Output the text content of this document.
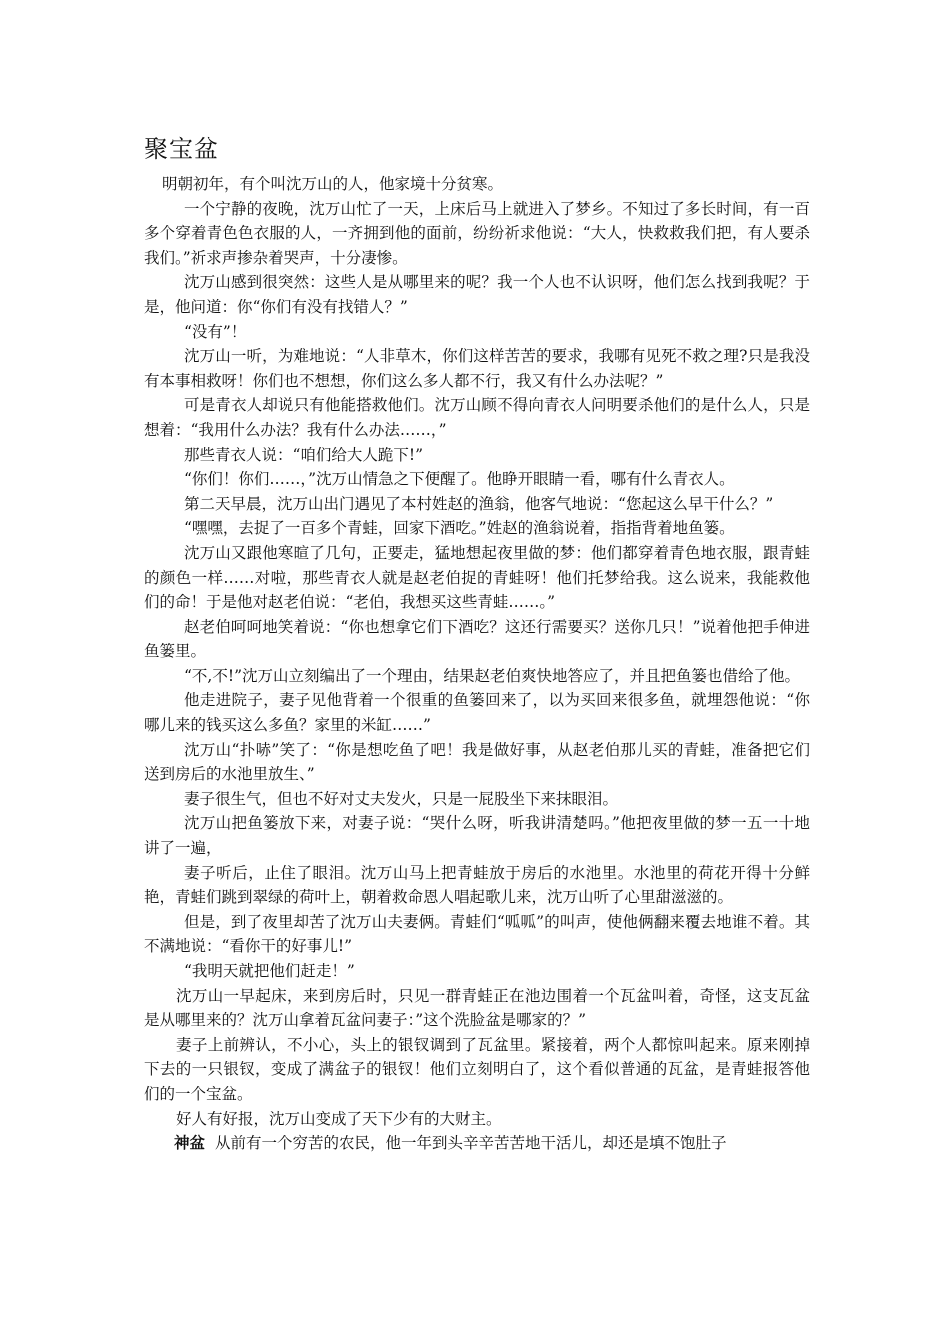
聚宝盆

明朝初年，有个叫沈万山的人，他家境十分贫寒。

一个宁静的夜晚，沈万山忙了一天，上床后马上就进入了梦乡。不知过了多长时间，有一百多个穿着青色色衣服的人，一齐拥到他的面前，纷纷祈求他说：“大人，快救救我们把，有人要杀我们。”祈求声掺杂着哭声，十分凄惨。

沈万山感到很突然：这些人是从哪里来的呢？我一个人也不认识呀，他们怎么找到我呢？于是，他问道：你“你们有没有找错人？”

“没有”！

沈万山一听，为难地说：“人非草木，你们这样苦苦的要求，我哪有见死不救之理?只是我没有本事相救呀！你们也不想想，你们这么多人都不行，我又有什么办法呢？”

可是青衣人却说只有他能搭救他们。沈万山顾不得向青衣人问明要杀他们的是什么人，只是想着：“我用什么办法？我有什么办法……，”

那些青衣人说：“咱们给大人跪下!”

“你们！你们……，”沈万山情急之下便醒了。他睁开眼睛一看，哪有什么青衣人。

第二天早晨，沈万山出门遇见了本村姓赵的渔翁，他客气地说：“您起这么早干什么？”

“嘿嘿，去捉了一百多个青蛙，回家下酒吃。”姓赵的渔翁说着，指指背着地鱼篓。

沈万山又跟他寒暄了几句，正要走，猛地想起夜里做的梦：他们都穿着青色地衣服，跟青蛙的颜色一样……对啦，那些青衣人就是赵老伯捉的青蛙呀！他们托梦给我。这么说来，我能救他们的命！于是他对赵老伯说：“老伯，我想买这些青蛙……。”

赵老伯呵呵地笑着说：“你也想拿它们下酒吃？这还行需要买？送你几只！”说着他把手伸进鱼篓里。

“不,不!”沈万山立刻编出了一个理由，结果赵老伯爽快地答应了，并且把鱼篓也借给了他。

他走进院子，妻子见他背着一个很重的鱼篓回来了，以为买回来很多鱼，就埋怨他说：“你哪儿来的钱买这么多鱼？家里的米缸……”

沈万山“扑哧”笑了：“你是想吃鱼了吧！我是做好事，从赵老伯那儿买的青蛙，准备把它们送到房后的水池里放生、”

妻子很生气，但也不好对丈夫发火，只是一屁股坐下来抹眼泪。

沈万山把鱼篓放下来，对妻子说：“哭什么呀，听我讲清楚吗。”他把夜里做的梦一五一十地讲了一遍，

妻子听后，止住了眼泪。沈万山马上把青蛙放于房后的水池里。水池里的荷花开得十分鲜艳，青蛙们跳到翠绿的荷叶上，朝着救命恩人唱起歌儿来，沈万山听了心里甜滋滋的。

但是，到了夜里却苦了沈万山夫妻俩。青蛙们“呱呱”的叫声，使他俩翻来覆去地谁不着。其不满地说：“看你干的好事儿!”

“我明天就把他们赶走！”

沈万山一早起床，来到房后时，只见一群青蛙正在池边围着一个瓦盆叫着，奇怪，这支瓦盆是从哪里来的？沈万山拿着瓦盆问妻子：”这个洗脸盆是哪家的？”

妻子上前辨认，不小心，头上的银钗调到了瓦盆里。紧接着，两个人都惊叫起来。原来刚掉下去的一只银钗，变成了满盆子的银钗！他们立刻明白了，这个看似普通的瓦盆，是青蛙报答他们的一个宝盆。

好人有好报，沈万山变成了天下少有的大财主。

神盆 从前有一个穷苦的农民，他一年到头辛辛苦苦地干活儿，却还是填不饱肚子
